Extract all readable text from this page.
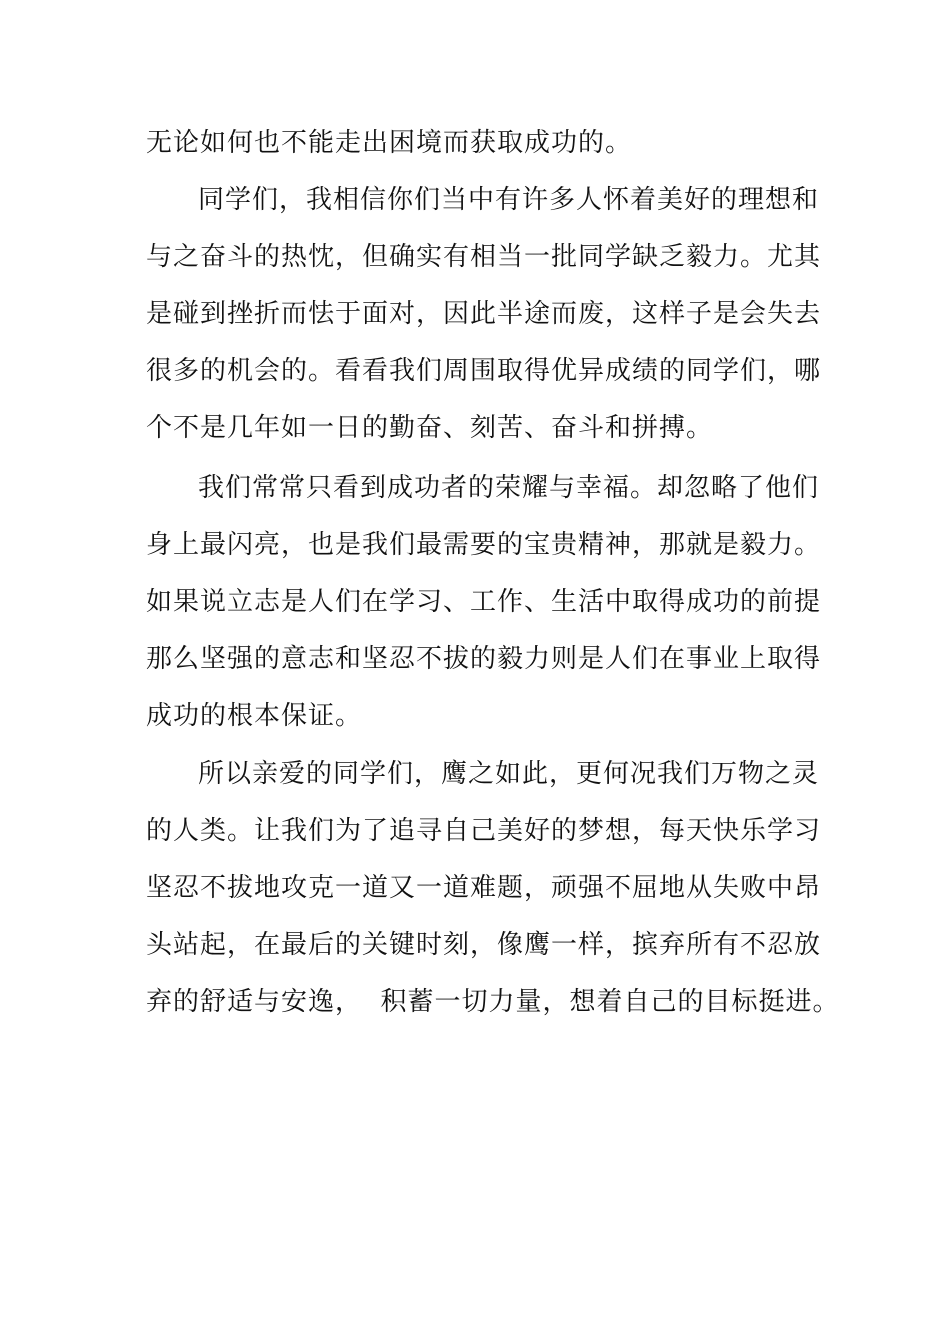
无论如何也不能走出困境而获取成功的。
同学们，我相信你们当中有许多人怀着美好的理想和
与之奋斗的热忱，但确实有相当一批同学缺乏毅力。尤其
是碰到挫折而怯于面对，因此半途而废，这样子是会失去
很多的机会的。看看我们周围取得优异成绩的同学们，哪
个不是几年如一日的勤奋、刻苦、奋斗和拼搏。
我们常常只看到成功者的荣耀与幸福。却忽略了他们
身上最闪亮，也是我们最需要的宝贵精神，那就是毅力。
如果说立志是人们在学习、工作、生活中取得成功的前提
那么坚强的意志和坚忍不拔的毅力则是人们在事业上取得
成功的根本保证。
所以亲爱的同学们，鹰之如此，更何况我们万物之灵
的人类。让我们为了追寻自己美好的梦想，每天快乐学习
坚忍不拔地攻克一道又一道难题，顽强不屈地从失败中昂
头站起，在最后的关键时刻，像鹰一样，摈弃所有不忍放
弃的舒适与安逸，  积蓄一切力量，想着自己的目标挺进。
